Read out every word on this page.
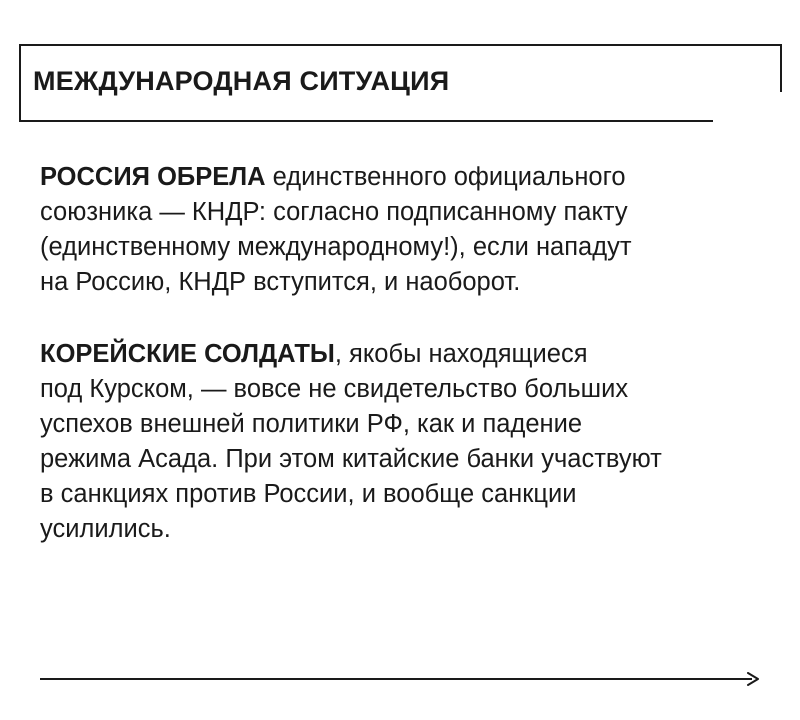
МЕЖДУНАРОДНАЯ СИТУАЦИЯ

РОССИЯ ОБРЕЛА единственного официального
союзника — КНДР: согласно подписанному пакту
(единственному международному!), если нападут
на Россию, КНДР вступится, и наоборот.

КОРЕЙСКИЕ СОЛДАТЫ, якобы находящиеся
под Курском, — вовсе не свидетельство больших
успехов внешней политики РФ, как и падение
режима Асада. При этом китайские банки участвуют
в санкциях против России, и вообще санкции
усилились.
